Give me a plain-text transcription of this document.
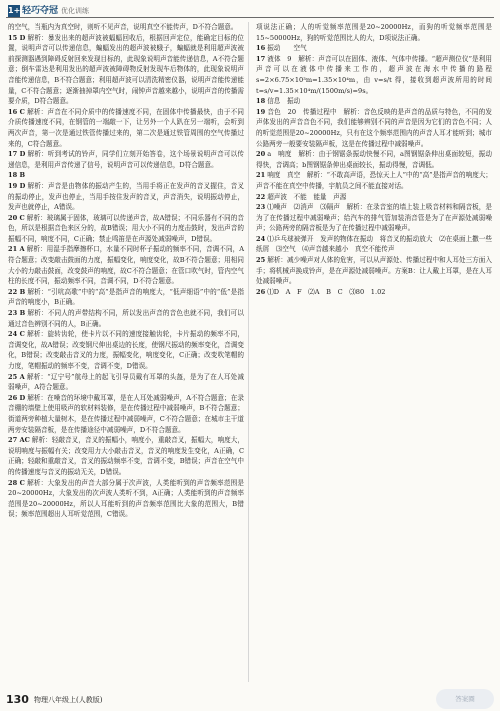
1+1轻巧夺冠 优化训练

的空气，当瓶内为真空时，则听不见声音，说明真空不能传声，D不符合题意。

15 D 解析：暴发出来的超声波被蝠蝠回收后，根据回声定位，能确定目标的位置，说明声音可以传递信息，蝙蝠发出的超声波被蛾子，蝙蝠就是利用超声波被前探测器遇到障碍反射回来发现目标的，此现象说明声音能传递信息，A不符合题意；倒车雷达是利用发出的超声波被障碍物反射发现车后物体的，此现象说明声音能传递信息，B不符合题意；利用超声波可以清洗精密仪器，说明声音能传递能量，C不符合题意；逐渐抽掉罩内空气时，闹钟声音越来越小，说明声音的传播需要介质，D符合题意。

16 C 解析：声音在不同介质中的传播速度不同，在固体中传播最快，由于不同介质传播速度不同，在钢管的一端敲一下，让另外一个人趴在另一端听，会听到两次声音，第一次是通过铁管传播过来的，第二次是通过铁管周围的空气传播过来的，C符合题意。

17 D 解析：听到考试的铃声，同学们立刻开始答卷，这个场景说明声音可以传递信息，是利用声音传递了信号，说明声音可以传递信息，D符合题意。

18 B

19 D 解析：声音是由物体的振动产生的，当用手将正在发声的音叉握住，音叉的振动停止，发声也停止，当用手按住发声的音叉，声音消失，说明振动停止，发声也就停止，A错误。

20 C 解析：玻璃属于固体，玻璃可以传递声音，故A错误；不同乐器有不同的音色，所以是根据音色来区分的，故B错误；用大小不同的力度击鼓时，发出声音的振幅不同，响度不同，C正确；禁止鸣笛是在声源处减弱噪声，D错误。

21 A 解析：用湿手指摩擦杯口，水量不同时杯子振动的频率不同，音调不同，A符合题意；改变敲击鼓面的力度，振幅变化，响度变化，故B不符合题意；用相同大小的力敲击鼓面，改变鼓声的响度，故C不符合题意；在管口吹气时，管内空气柱的长度不同，振动频率不同，音调不同，D不符合题意。

22 B 解析：“引吭高歌”中的“高”是指声音的响度大，“低声细语”中的“低”是指声音的响度小，B正确。

23 B 解析：不同人的声带结构不同，所以发出声音的音色也就不同，我们可以通过音色辨别不同的人，B正确。

24 C 解析：旋转齿轮，使卡片以不同的速度接触齿轮，卡片振动的频率不同，音调变化，故A错误；改变钢尺伸出桌边的长度，使钢尺振动的频率变化，音调变化，B错误；改变敲击音叉的力度，振幅变化，响度变化，C正确；改变吹笔帽的力度，笔帽振动的频率不变，音调不变，D错误。

25 A 解析：“辽宁号”航母上的起飞引导员戴有耳罩的头盔，是为了在人耳处减弱噪声，A符合题意。

26 D 解析：在噪音的环境中戴耳罩，是在人耳处减弱噪声，A不符合题意；在录音棚的墙壁上使用吸声的软材料装修，是在传播过程中减弱噪声，B不符合题意；街道两旁种植大量树木，是在传播过程中减弱噪声，C不符合题意；在城市主干道两旁安装隔音板，是在传播途径中减弱噪声，D不符合题意。

27 AC 解析：轻敲音叉，音叉的振幅小，响度小，重敲音叉，振幅大，响度大，说明响度与振幅有关；改变用力大小敲击音叉，音叉的响度发生变化，A正确，C正确；轻敲和重敲音叉，音叉的振动频率不变，音调不变，B错误；声音在空气中的传播速度与音叉的振动无关，D错误。

28 C 解析：大象发出的声音大部分属于次声波，人类能听到的声音频率范围是20~20000Hz，大象发出的次声波人类听不到，A正确；人类能听到的声音频率范围是20~20000Hz，所以人耳能听到的声音频率范围比大象的范围大，B错误；频率范围超出人耳听觉范围，C错误。

项说法正确；人的听觉频率范围是20~20000Hz，而狗的听觉频率范围是15~50000Hz，狗的听觉范围比人的大，D项说法正确。

16 振动　　空气

17 液体　9　解析：声音可以在固体、液体、气体中传播。“超声测位仪”是利用声音可以在液体中传播来工作的，超声波在海水中传播的路程 s=2×6.75×10³m=1.35×10⁴m，由 v=s/t 得，接收到超声波所用的时间 t=s/v=1.35×10⁴m/(1500m/s)=9s。

18 信息　振动

19 音色　20　传播过程中　解析：音色反映的是声音的品质与特色，不同的发声体发出的声音音色不同，我们能够辨别不同的声音是因为它们的音色不同；人的听觉范围是20~20000Hz，只有在这个频率范围内的声音人耳才能听到；城市公路两旁一般要安装隔声板，这是在传播过程中减弱噪声。

20 a　响度　解析：由于钢锯条振动快慢不同，a图钢锯条伸出桌面较短，振动得快，音调高；b图钢锯条伸出桌面较长，振动得慢，音调低。

21 响度　真空　解析：“不敢高声语，恐惊天上人”中的“高”是指声音的响度大；声音不能在真空中传播，宇航员之间不能直接对话。

22 超声波　不能　能量　声源

23 ⑴噪声　⑵消声　⑶隔声　解析：在录音室的墙上装上吸音材料和隔音板，是为了在传播过程中减弱噪声；给汽车的排气管加装消音管是为了在声源处减弱噪声；公路两旁的隔音板是为了在传播过程中减弱噪声。

24 ⑴乒乓球被弹开　发声的物体在振动　将音叉的振动放大　⑵在桌面上撒一些纸屑　⑶空气　⑷声音越来越小　真空不能传声

25 解析：减少噪声对人体的危害，可以从声源处、传播过程中和人耳处三方面入手；将机械声换成铃声，是在声源处减弱噪声。方案B：让人戴上耳罩，是在人耳处减弱噪声。

26 ⑴D　A　F　⑵A　B　C　⑶80　1.02

130 物理八年级上(人教版)	答案圈
